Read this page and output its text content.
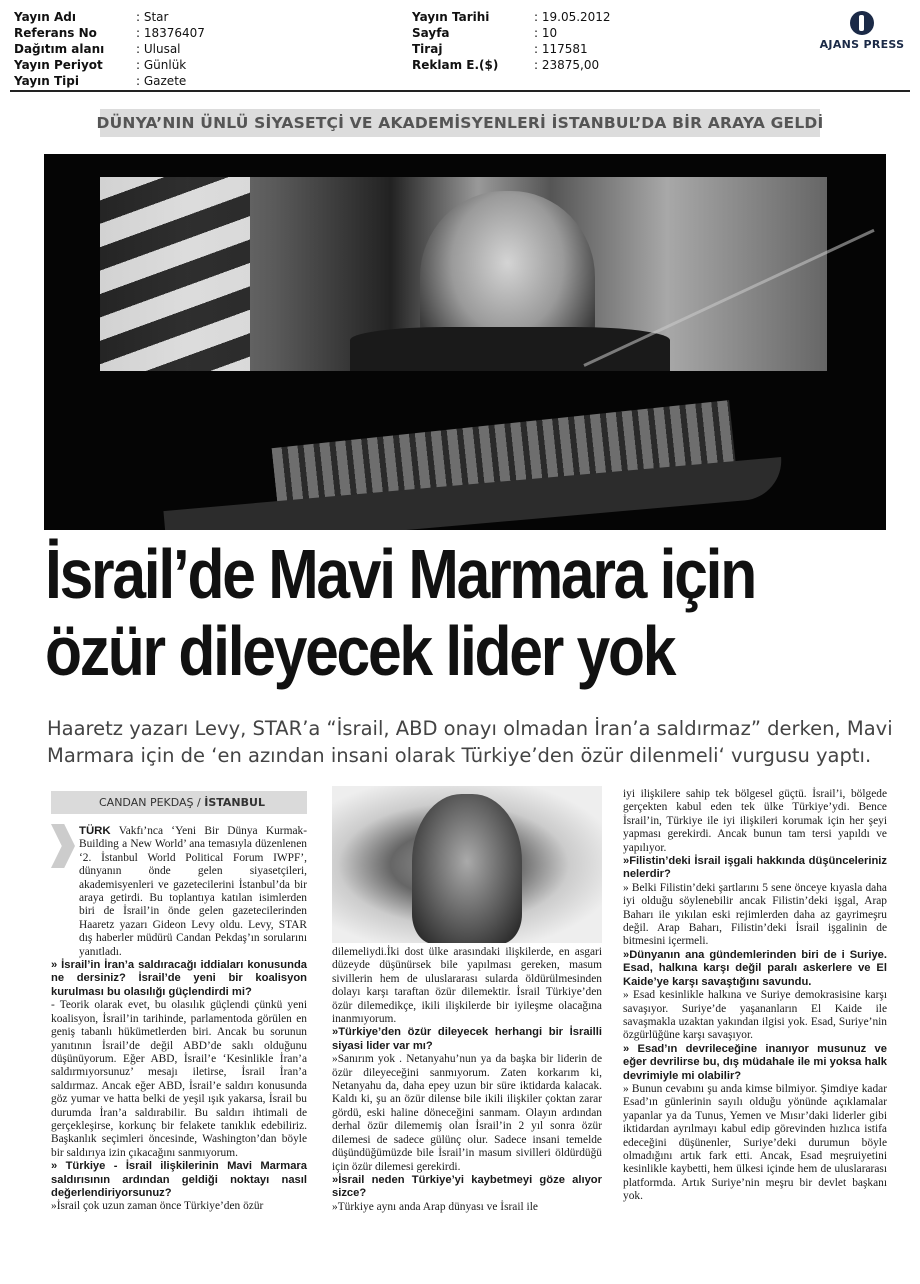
Yayın Adı	: Star
Referans No	: 18376407
Dağıtım alanı	: Ulusal
Yayın Periyot	: Günlük
Yayın Tipi	: Gazete
Yayın Tarihi	: 19.05.2012
Sayfa	: 10
Tiraj	: 117581
Reklam E.($)	: 23875,00
AJANS PRESS
DÜNYA’NIN ÜNLÜ SİYASETÇİ VE AKADEMİSYENLERİ İSTANBUL’DA BİR ARAYA GELDİ
İsrail’de Mavi Marmara için
özür dileyecek lider yok
Haaretz yazarı Levy, STAR’a “İsrail, ABD onayı olmadan İran’a saldırmaz” derken, Mavi Marmara için de ‘en azından insani olarak Türkiye’den özür dilenmeli‘ vurgusu yaptı.
CANDAN PEKDAŞ / İSTANBUL

TÜRK Vakfı’nca ‘Yeni Bir Dünya Kurmak- Building a New World’ ana temasıyla düzenlenen ‘2. İstanbul World Political Forum IWPF’, dünyanın önde gelen siyasetçileri, akademisyenleri ve gazetecilerini İstanbul’da bir araya getirdi. Bu toplantıya katılan isimlerden biri de İsrail’in önde gelen gazetecilerinden Haaretz yazarı Gideon Levy oldu. Levy, STAR dış haberler müdürü Candan Pekdaş’ın sorularını yanıtladı.

» İsrail’in İran’a saldıracağı iddiaları konusunda ne dersiniz? İsrail’de yeni bir koalisyon kurulması bu olasılığı güçlendirdi mi?

- Teorik olarak evet, bu olasılık güçlendi çünkü yeni koalisyon, İsrail’in tarihinde, parlamentoda görülen en geniş tabanlı hükümetlerden biri. Ancak bu sorunun yanıtının İsrail’de değil ABD’de saklı olduğunu düşünüyorum. Eğer ABD, İsrail’e ‘Kesinlikle İran’a saldırmıyorsunuz’ mesajı iletirse, İsrail İran’a saldırmaz. Ancak eğer ABD, İsrail’e saldırı konusunda göz yumar ve hatta belki de yeşil ışık yakarsa, İsrail bu durumda İran’a saldırabilir. Bu saldırı ihtimali de gerçekleşirse, korkunç bir felakete tanıklık edebiliriz. Başkanlık seçimleri öncesinde, Washington’dan böyle bir saldırıya izin çıkacağını sanmıyorum.

» Türkiye - İsrail ilişkilerinin Mavi Marmara saldırısının ardından geldiği noktayı nasıl değerlendiriyorsunuz?

»İsrail çok uzun zaman önce Türkiye’den özür

dilemeliydi.İki dost ülke arasındaki ilişkilerde, en asgari düzeyde düşünürsek bile yapılması gereken, masum sivillerin hem de uluslararası sularda öldürülmesinden dolayı karşı taraftan özür dilemektir. İsrail Türkiye’den özür dilemedikçe, ikili ilişkilerde bir iyileşme olacağına inanmıyorum.

»Türkiye’den özür dileyecek herhangi bir İsrailli siyasi lider var mı?

»Sanırım yok . Netanyahu’nun ya da başka bir liderin de özür dileyeceğini sanmıyorum. Zaten korkarım ki, Netanyahu da, daha epey uzun bir süre iktidarda kalacak. Kaldı ki, şu an özür dilense bile ikili ilişkiler çoktan zarar gördü, eski haline döneceğini sanmam. Olayın ardından derhal özür dilememiş olan İsrail’in 2 yıl sonra özür dilemesi de sadece gülünç olur. Sadece insani temelde düşündüğümüzde bile İsrail’in masum sivilleri öldürdüğü için özür dilemesi gerekirdi.

»İsrail neden Türkiye’yi kaybetmeyi göze alıyor sizce?

»Türkiye aynı anda Arap dünyası ve İsrail ile

iyi ilişkilere sahip tek bölgesel güçtü. İsrail’i, bölgede gerçekten kabul eden tek ülke Türkiye’ydi. Bence İsrail’in, Türkiye ile iyi ilişkileri korumak için her şeyi yapması gerekirdi. Ancak bunun tam tersi yapıldı ve yapılıyor.

»Filistin’deki İsrail işgali hakkında düşünceleriniz nelerdir?

» Belki Filistin’deki şartlarını 5 sene önceye kıyasla daha iyi olduğu söylenebilir ancak Filistin’deki işgal, Arap Baharı ile yıkılan eski rejimlerden daha az gayrimeşru değil. Arap Baharı, Filistin’deki İsrail işgalinin de bitmesini içermeli.

»Dünyanın ana gündemlerinden biri de i Suriye. Esad, halkına karşı değil paralı askerlere ve El Kaide’ye karşı savaştığını savundu.

» Esad kesinlikle halkına ve Suriye demokrasisine karşı savaşıyor. Suriye’de yaşananların El Kaide ile savaşmakla uzaktan yakından ilgisi yok. Esad, Suriye’nin özgürlüğüne karşı savaşıyor.

» Esad’ın devrileceğine inanıyor musunuz ve eğer devrilirse bu, dış müdahale ile mi yoksa halk devrimiyle mi olabilir?

» Bunun cevabını şu anda kimse bilmiyor. Şimdiye kadar Esad’ın günlerinin sayılı olduğu yönünde açıklamalar yapanlar ya da Tunus, Yemen ve Mısır’daki liderler gibi iktidardan ayrılmayı kabul edip görevinden hızlıca istifa edeceğini düşünenler, Suriye’deki durumun böyle olmadığını artık fark etti. Ancak, Esad meşruiyetini kesinlikle kaybetti, hem ülkesi içinde hem de uluslararası platformda. Artık Suriye’nin meşru bir devlet başkanı yok.
